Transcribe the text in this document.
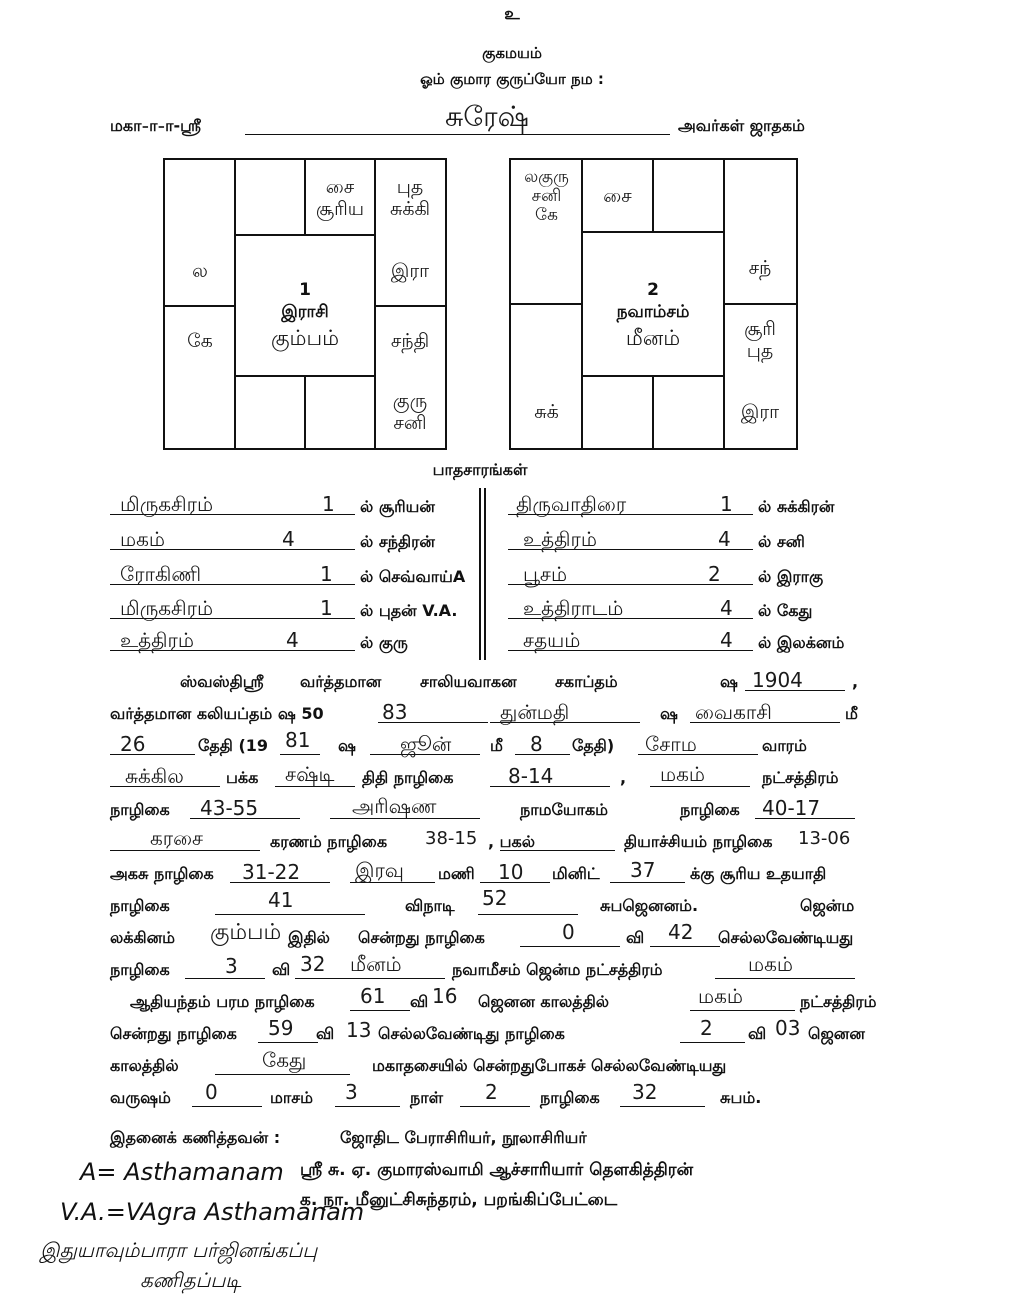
உ
குகமயம்
ஓம் குமார குருப்யோ நம :
மகா-ா-ா-ஸ்ரீ	சுரேஷ்	அவர்கள் ஜாதகம்
சை
சூரிய
புத
சுக்கி
ல	இரா
கே	சந்தி
குரு
சனி
1
இராசி
கும்பம்
லகுரு
சனி
கே
சை
சந்
சூரி
புத
சுக்	இரா
2
நவாம்சம்
மீனம்
பாதசாரங்கள்
மிருகசிரம்	1 ல் சூரியன்
மகம்	4	ல் சந்திரன்
ரோகிணி	1 ல் செவ்வாய்A
மிருகசிரம்	1 ல் புதன் V.A.
உத்திரம்	4	ல் குரு
திருவாதிரை	1 ல் சுக்கிரன்
உத்திரம்	4 ல் சனி
பூசம்	2 ல் இராகு
உத்திராடம்	4 ல் கேது
சதயம்	4 ல் இலக்னம்
ஸ்வஸ்திஸ்ரீ வர்த்தமான சாலியவாகன சகாப்தம்	ஷ 1904	,
வர்த்தமான கலியப்தம் ஷ 50	83	துன்மதி	ஷ வைகாசி	மீ
26	தேதி (19 81 ஷ ஜூன் மீ 8 தேதி) சோம	வாரம்
சுக்கில	பக்க சஷ்டி திதி நாழிகை	8-14	, மகம்	நட்சத்திரம்
நாழிகை 43-55	அரிஷண	நாமயோகம்	நாழிகை 40-17
கரசை	கரணம் நாழிகை 38-15 , பகல்	தியாச்சியம் நாழிகை 13-06
அகசு நாழிகை 31-22	இரவு மணி 10 மினிட் 37 க்கு சூரிய உதயாதி
நாழிகை	41	விநாடி 52	சுபஜெனனம்.	ஜென்ம
லக்கினம் கும்பம் இதில் சென்றது நாழிகை	0	வி 42 செல்லவேண்டியது
நாழிகை	3 வி 32 மீனம்	நவாமீசம் ஜென்ம நட்சத்திரம்	மகம்
ஆதியந்தம் பரம நாழிகை 61 வி 16 ஜெனன காலத்தில்	மகம்	நட்சத்திரம்
சென்றது நாழிகை 59 வி 13 செல்லவேண்டிது நாழிகை	2 வி 03 ஜெனன
காலத்தில்	கேது	மகாதசையில் சென்றதுபோகச் செல்லவேண்டியது
வருஷம் 0	மாசம் 3	நாள் 2	நாழிகை 32	சுபம்.
இதனைக் கணித்தவன் :	ஜோதிட பேராசிரியர், நூலாசிரியர்
ஸ்ரீ சு. ஏ. குமாரஸ்வாமி ஆச்சாரியார் தெளகித்திரன்
க. நா. மீனுட்சிசுந்தரம், பறங்கிப்பேட்டை
A= Asthamanam
V.A.=VAgra Asthamanam
இதுயாவும்பாரா பர்ஜினங்கப்பு
கணிதப்படி
